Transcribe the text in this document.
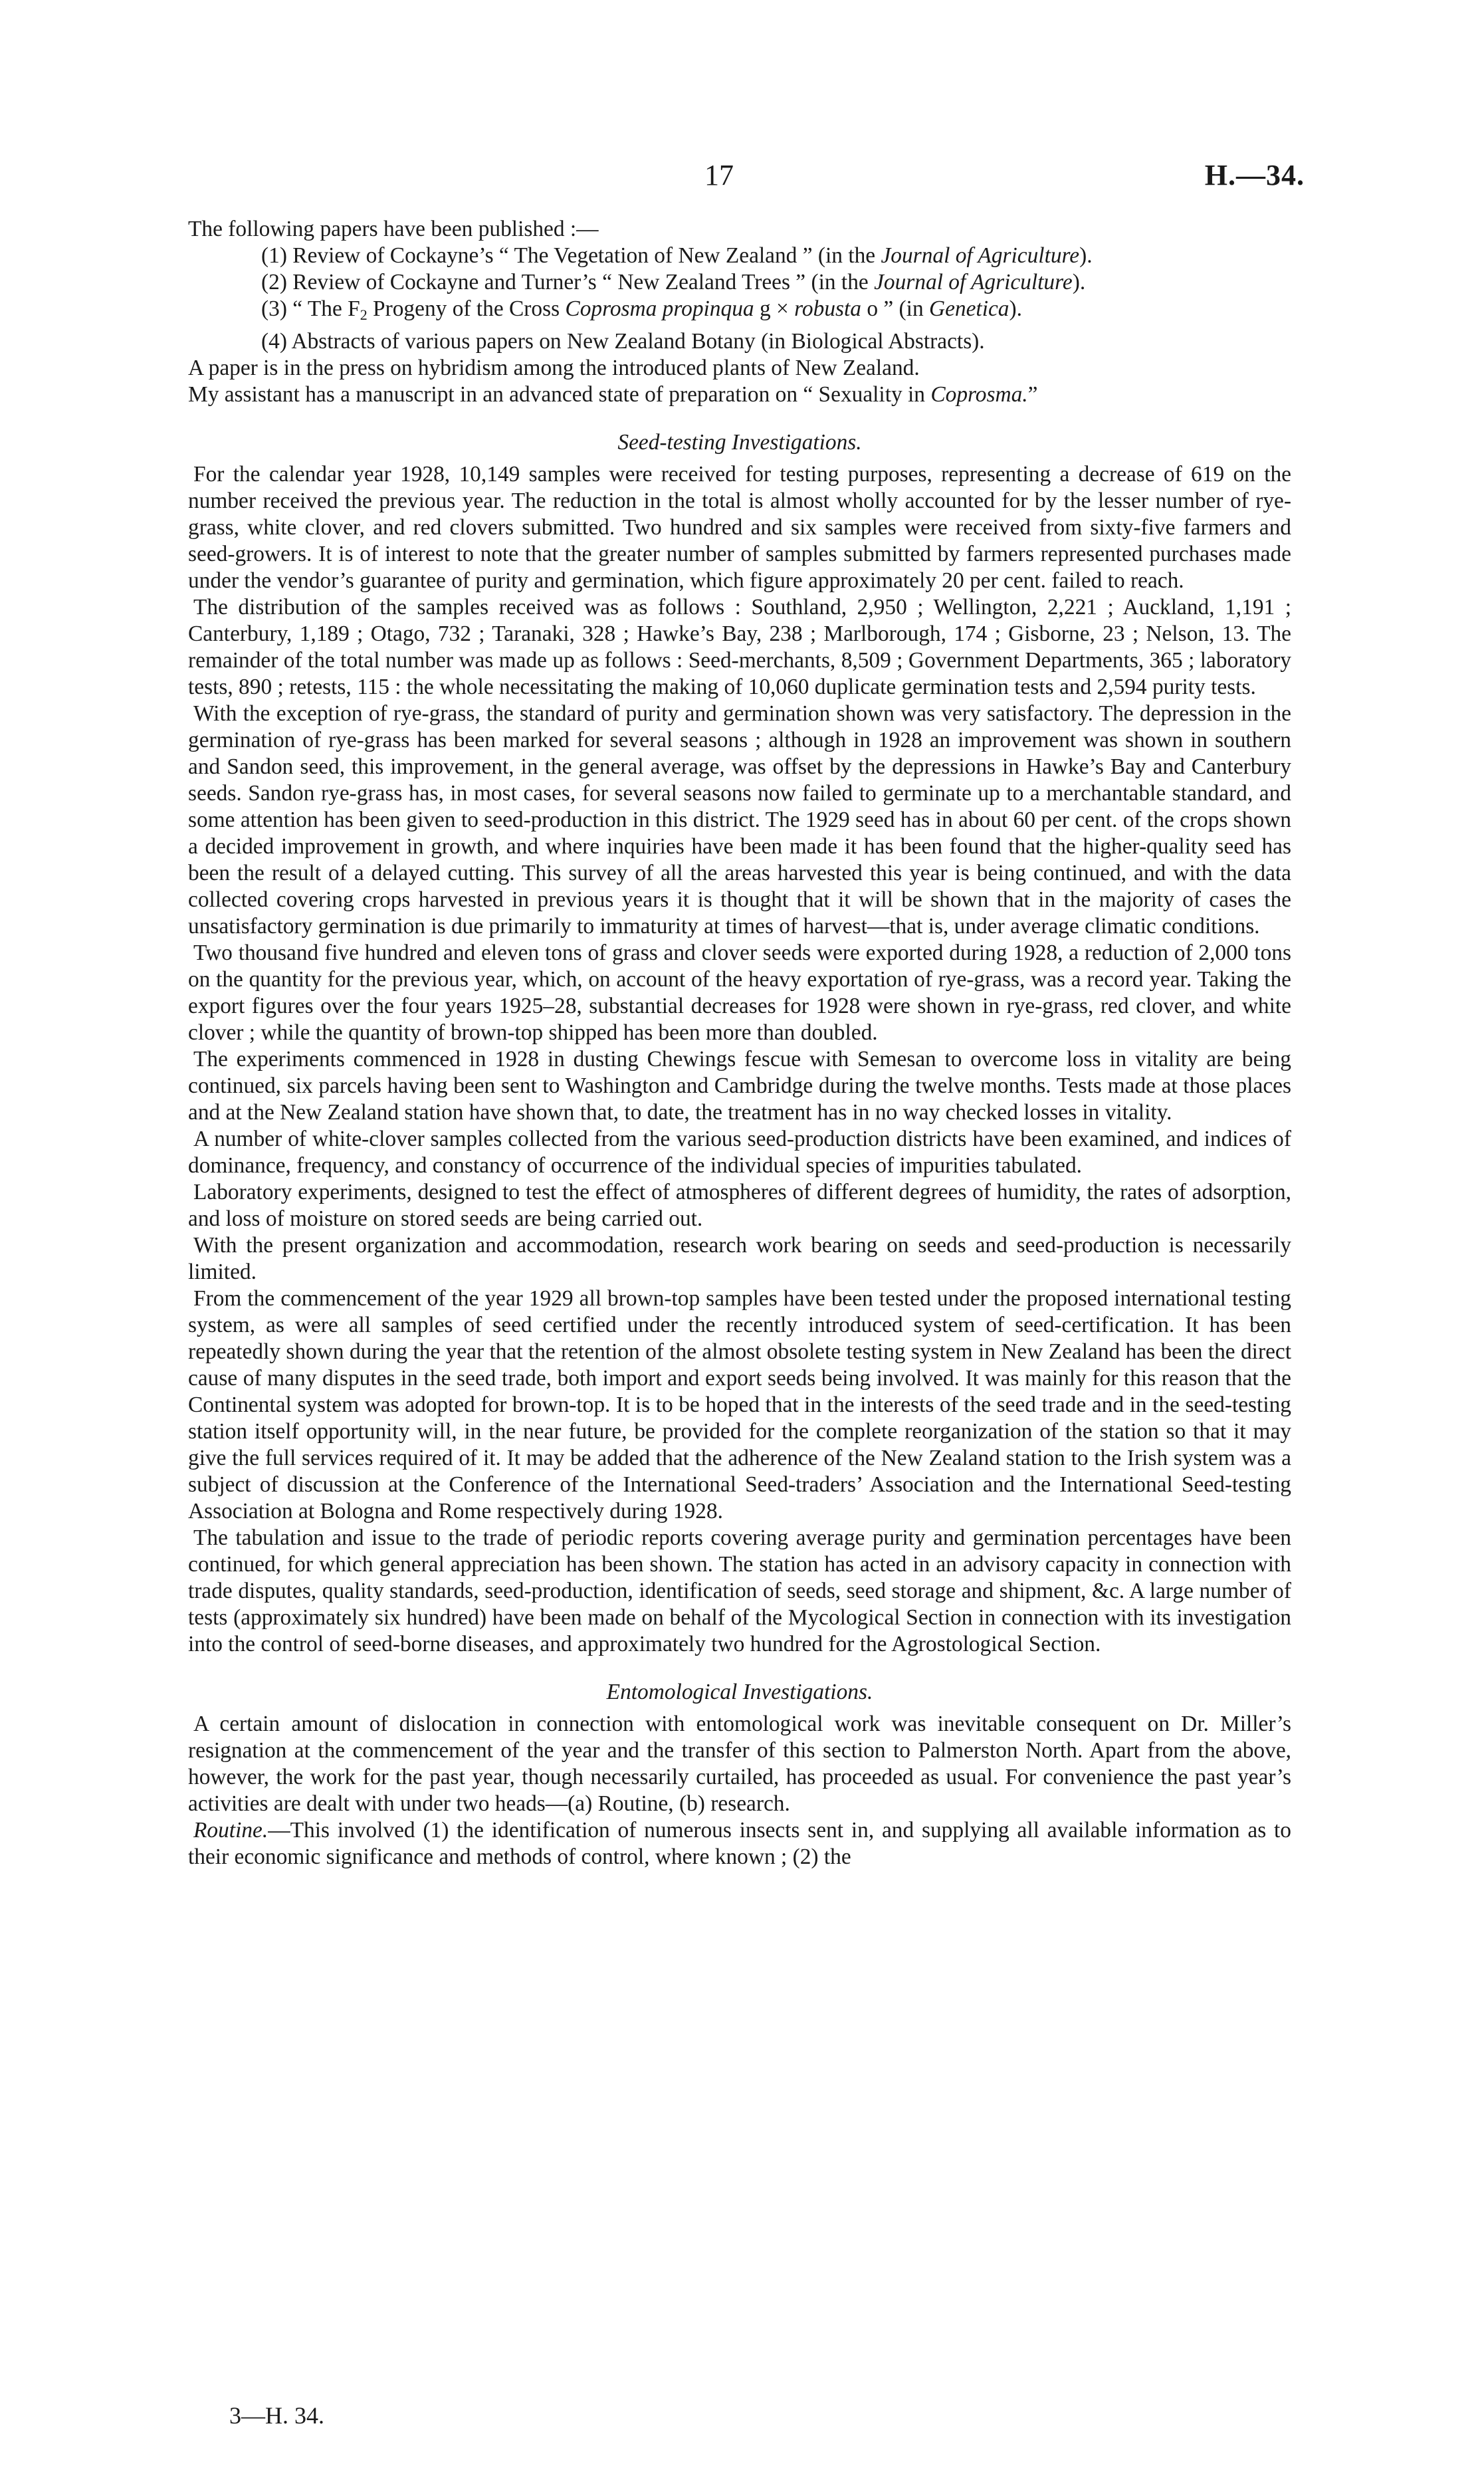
17	H.—34.

The following papers have been published :—

(1) Review of Cockayne’s “ The Vegetation of New Zealand ” (in the Journal of Agriculture).
(2) Review of Cockayne and Turner’s “ New Zealand Trees ” (in the Journal of Agriculture).
(3) “ The $F_2$ Progeny of the Cross Coprosma propinqua g × robusta o ” (in Genetica).
(4) Abstracts of various papers on New Zealand Botany (in Biological Abstracts).

A paper is in the press on hybridism among the introduced plants of New Zealand.

My assistant has a manuscript in an advanced state of preparation on “ Sexuality in Coprosma.”

Seed-testing Investigations.

For the calendar year 1928, 10,149 samples were received for testing purposes, representing a decrease of 619 on the number received the previous year. The reduction in the total is almost wholly accounted for by the lesser number of rye-grass, white clover, and red clovers submitted. Two hundred and six samples were received from sixty-five farmers and seed-growers. It is of interest to note that the greater number of samples submitted by farmers represented purchases made under the vendor’s guarantee of purity and germination, which figure approximately 20 per cent. failed to reach.

The distribution of the samples received was as follows : Southland, 2,950 ; Wellington, 2,221 ; Auckland, 1,191 ; Canterbury, 1,189 ; Otago, 732 ; Taranaki, 328 ; Hawke’s Bay, 238 ; Marlborough, 174 ; Gisborne, 23 ; Nelson, 13. The remainder of the total number was made up as follows : Seed-merchants, 8,509 ; Government Departments, 365 ; laboratory tests, 890 ; retests, 115 : the whole necessitating the making of 10,060 duplicate germination tests and 2,594 purity tests.

With the exception of rye-grass, the standard of purity and germination shown was very satisfactory. The depression in the germination of rye-grass has been marked for several seasons ; although in 1928 an improvement was shown in southern and Sandon seed, this improvement, in the general average, was offset by the depressions in Hawke’s Bay and Canterbury seeds. Sandon rye-grass has, in most cases, for several seasons now failed to germinate up to a merchantable standard, and some attention has been given to seed-production in this district. The 1929 seed has in about 60 per cent. of the crops shown a decided improvement in growth, and where inquiries have been made it has been found that the higher-quality seed has been the result of a delayed cutting. This survey of all the areas harvested this year is being continued, and with the data collected covering crops harvested in previous years it is thought that it will be shown that in the majority of cases the unsatisfactory germination is due primarily to immaturity at times of harvest—that is, under average climatic conditions.

Two thousand five hundred and eleven tons of grass and clover seeds were exported during 1928, a reduction of 2,000 tons on the quantity for the previous year, which, on account of the heavy exportation of rye-grass, was a record year. Taking the export figures over the four years 1925–28, substantial decreases for 1928 were shown in rye-grass, red clover, and white clover ; while the quantity of brown-top shipped has been more than doubled.

The experiments commenced in 1928 in dusting Chewings fescue with Semesan to overcome loss in vitality are being continued, six parcels having been sent to Washington and Cambridge during the twelve months. Tests made at those places and at the New Zealand station have shown that, to date, the treatment has in no way checked losses in vitality.

A number of white-clover samples collected from the various seed-production districts have been examined, and indices of dominance, frequency, and constancy of occurrence of the individual species of impurities tabulated.

Laboratory experiments, designed to test the effect of atmospheres of different degrees of humidity, the rates of adsorption, and loss of moisture on stored seeds are being carried out.

With the present organization and accommodation, research work bearing on seeds and seed-production is necessarily limited.

From the commencement of the year 1929 all brown-top samples have been tested under the proposed international testing system, as were all samples of seed certified under the recently introduced system of seed-certification. It has been repeatedly shown during the year that the retention of the almost obsolete testing system in New Zealand has been the direct cause of many disputes in the seed trade, both import and export seeds being involved. It was mainly for this reason that the Continental system was adopted for brown-top. It is to be hoped that in the interests of the seed trade and in the seed-testing station itself opportunity will, in the near future, be provided for the complete reorganization of the station so that it may give the full services required of it. It may be added that the adherence of the New Zealand station to the Irish system was a subject of discussion at the Conference of the International Seed-traders’ Association and the International Seed-testing Association at Bologna and Rome respectively during 1928.

The tabulation and issue to the trade of periodic reports covering average purity and germination percentages have been continued, for which general appreciation has been shown. The station has acted in an advisory capacity in connection with trade disputes, quality standards, seed-production, identification of seeds, seed storage and shipment, &c. A large number of tests (approximately six hundred) have been made on behalf of the Mycological Section in connection with its investigation into the control of seed-borne diseases, and approximately two hundred for the Agrostological Section.

Entomological Investigations.

A certain amount of dislocation in connection with entomological work was inevitable consequent on Dr. Miller’s resignation at the commencement of the year and the transfer of this section to Palmerston North. Apart from the above, however, the work for the past year, though necessarily curtailed, has proceeded as usual. For convenience the past year’s activities are dealt with under two heads—(a) Routine, (b) research.

Routine.—This involved (1) the identification of numerous insects sent in, and supplying all available information as to their economic significance and methods of control, where known ; (2) the

3—H. 34.
